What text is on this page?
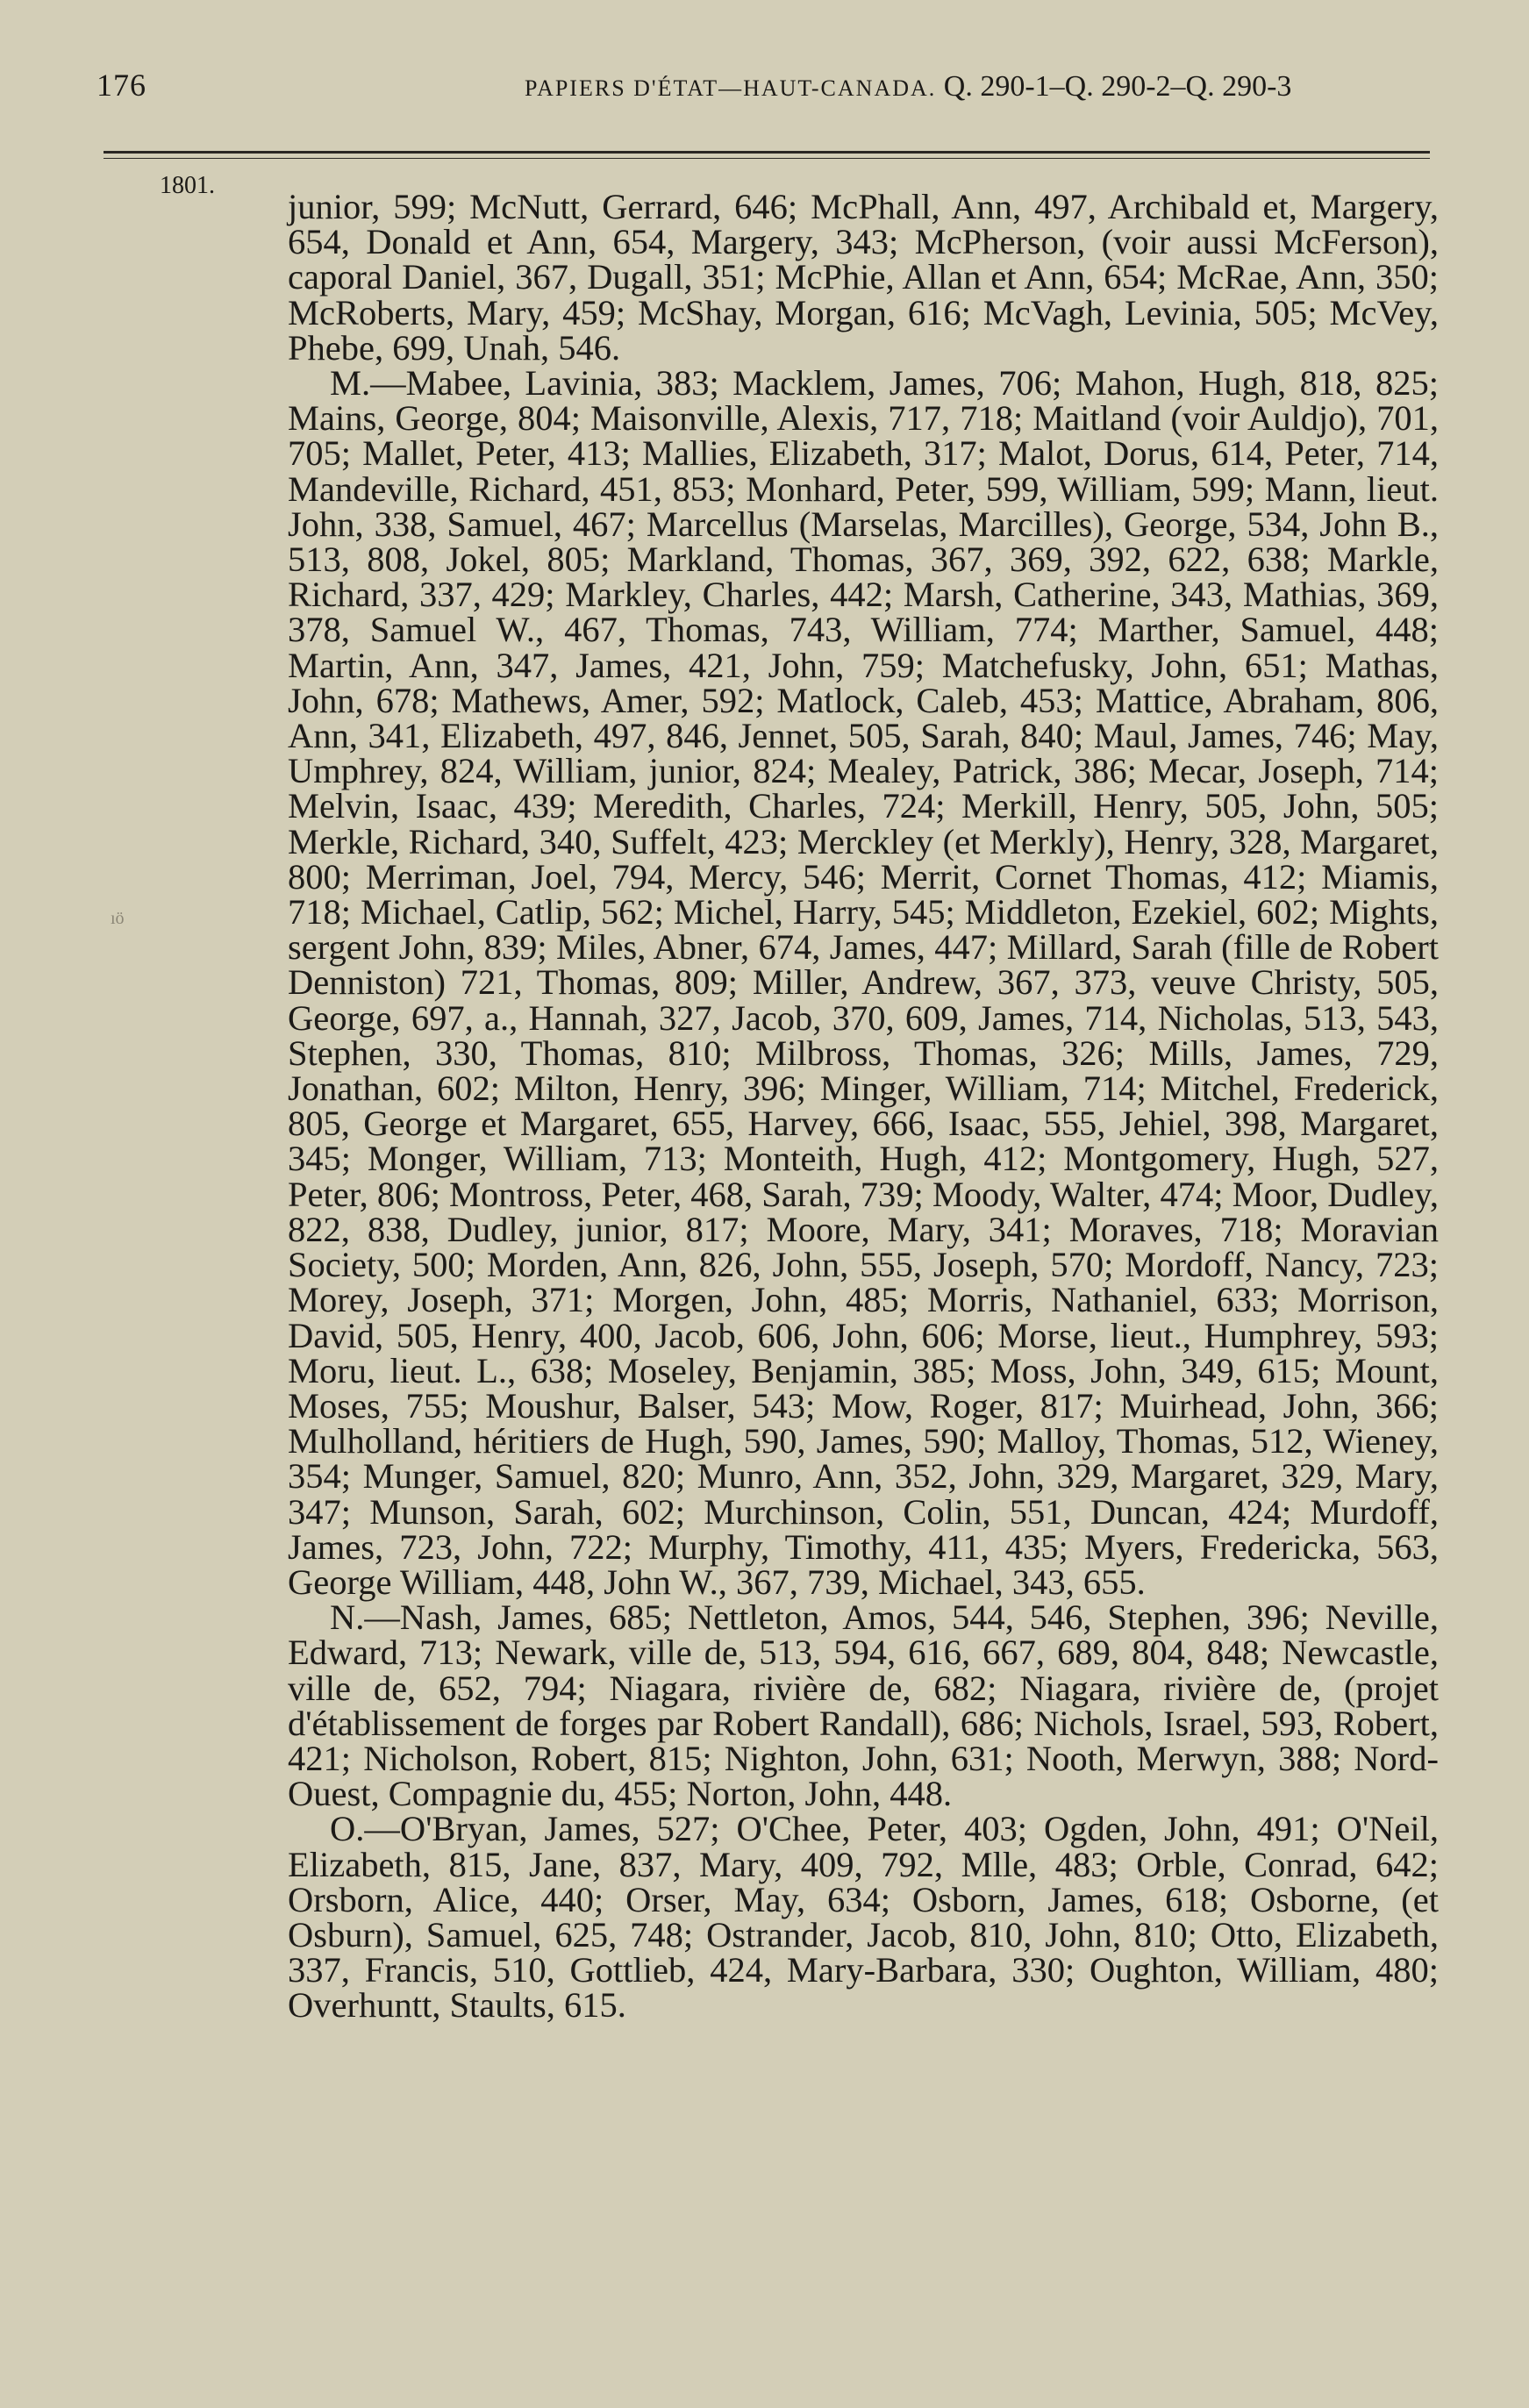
176	PAPIERS D'ÉTAT—HAUT-CANADA. Q. 290-1–Q. 290-2–Q. 290-3
1801.
ıö

junior, 599; McNutt, Gerrard, 646; McPhall, Ann, 497, Archibald et, Margery, 654, Donald et Ann, 654, Margery, 343; McPherson, (voir aussi McFerson), caporal Daniel, 367, Dugall, 351; McPhie, Allan et Ann, 654; McRae, Ann, 350; McRoberts, Mary, 459; McShay, Morgan, 616; McVagh, Levinia, 505; McVey, Phebe, 699, Unah, 546.

M.—Mabee, Lavinia, 383; Macklem, James, 706; Mahon, Hugh, 818, 825; Mains, George, 804; Maisonville, Alexis, 717, 718; Maitland (voir Auldjo), 701, 705; Mallet, Peter, 413; Mallies, Elizabeth, 317; Malot, Dorus, 614, Peter, 714, Mandeville, Richard, 451, 853; Monhard, Peter, 599, William, 599; Mann, lieut. John, 338, Samuel, 467; Marcellus (Marselas, Marcilles), George, 534, John B., 513, 808, Jokel, 805; Markland, Thomas, 367, 369, 392, 622, 638; Markle, Richard, 337, 429; Markley, Charles, 442; Marsh, Catherine, 343, Mathias, 369, 378, Samuel W., 467, Thomas, 743, William, 774; Marther, Samuel, 448; Martin, Ann, 347, James, 421, John, 759; Matchefusky, John, 651; Mathas, John, 678; Mathews, Amer, 592; Matlock, Caleb, 453; Mattice, Abraham, 806, Ann, 341, Elizabeth, 497, 846, Jennet, 505, Sarah, 840; Maul, James, 746; May, Umphrey, 824, William, junior, 824; Mealey, Patrick, 386; Mecar, Joseph, 714; Melvin, Isaac, 439; Meredith, Charles, 724; Merkill, Henry, 505, John, 505; Merkle, Richard, 340, Suffelt, 423; Merckley (et Merkly), Henry, 328, Margaret, 800; Merriman, Joel, 794, Mercy, 546; Merrit, Cornet Thomas, 412; Miamis, 718; Michael, Catlip, 562; Michel, Harry, 545; Middleton, Ezekiel, 602; Mights, sergent John, 839; Miles, Abner, 674, James, 447; Millard, Sarah (fille de Robert Denniston) 721, Thomas, 809; Miller, Andrew, 367, 373, veuve Christy, 505, George, 697, a., Hannah, 327, Jacob, 370, 609, James, 714, Nicholas, 513, 543, Stephen, 330, Thomas, 810; Milbross, Thomas, 326; Mills, James, 729, Jonathan, 602; Milton, Henry, 396; Minger, William, 714; Mitchel, Frederick, 805, George et Margaret, 655, Harvey, 666, Isaac, 555, Jehiel, 398, Margaret, 345; Monger, William, 713; Monteith, Hugh, 412; Montgomery, Hugh, 527, Peter, 806; Montross, Peter, 468, Sarah, 739; Moody, Walter, 474; Moor, Dudley, 822, 838, Dudley, junior, 817; Moore, Mary, 341; Moraves, 718; Moravian Society, 500; Morden, Ann, 826, John, 555, Joseph, 570; Mordoff, Nancy, 723; Morey, Joseph, 371; Morgen, John, 485; Morris, Nathaniel, 633; Morrison, David, 505, Henry, 400, Jacob, 606, John, 606; Morse, lieut., Humphrey, 593; Moru, lieut. L., 638; Moseley, Benjamin, 385; Moss, John, 349, 615; Mount, Moses, 755; Moushur, Balser, 543; Mow, Roger, 817; Muirhead, John, 366; Mulholland, héritiers de Hugh, 590, James, 590; Malloy, Thomas, 512, Wieney, 354; Munger, Samuel, 820; Munro, Ann, 352, John, 329, Margaret, 329, Mary, 347; Munson, Sarah, 602; Murchinson, Colin, 551, Duncan, 424; Murdoff, James, 723, John, 722; Murphy, Timothy, 411, 435; Myers, Fredericka, 563, George William, 448, John W., 367, 739, Michael, 343, 655.

N.—Nash, James, 685; Nettleton, Amos, 544, 546, Stephen, 396; Neville, Edward, 713; Newark, ville de, 513, 594, 616, 667, 689, 804, 848; Newcastle, ville de, 652, 794; Niagara, rivière de, 682; Niagara, rivière de, (projet d'établissement de forges par Robert Randall), 686; Nichols, Israel, 593, Robert, 421; Nicholson, Robert, 815; Nighton, John, 631; Nooth, Merwyn, 388; Nord-Ouest, Compagnie du, 455; Norton, John, 448.

O.—O'Bryan, James, 527; O'Chee, Peter, 403; Ogden, John, 491; O'Neil, Elizabeth, 815, Jane, 837, Mary, 409, 792, Mlle, 483; Orble, Conrad, 642; Orsborn, Alice, 440; Orser, May, 634; Osborn, James, 618; Osborne, (et Osburn), Samuel, 625, 748; Ostrander, Jacob, 810, John, 810; Otto, Elizabeth, 337, Francis, 510, Gottlieb, 424, Mary-Barbara, 330; Oughton, William, 480; Overhuntt, Staults, 615.
